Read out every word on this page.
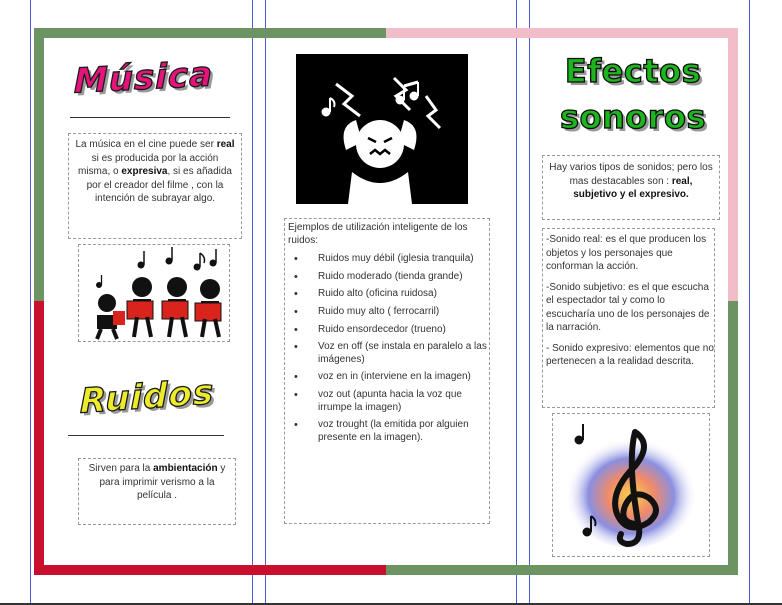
Música

La música en el cine puede ser real si es producida por la acción misma, o expresiva, si es añadida por el creador del filme , con la intención de subrayar algo.

Ruidos

Sirven para la ambientación y para imprimir verismo a la película .

Ejemplos de utilización inteligente de los ruidos:

• Ruidos muy débil (iglesia tranquila)
• Ruido moderado (tienda grande)
• Ruido alto (oficina ruidosa)
• Ruido muy alto ( ferrocarril)
• Ruido ensordecedor (trueno)
• Voz en off (se instala en paralelo a las imágenes)
• voz en in (interviene en la imagen)
• voz out (apunta hacia la voz que irrumpe la imagen)
• voz trought (la emitida por alguien presente en la imagen).
Efectos
sonoros

Hay varios tipos de sonidos; pero los mas destacables son : real, subjetivo y el expresivo.

-Sonido real: es el que producen los objetos y los personajes que conforman la acción.

-Sonido subjetivo: es el que escucha el espectador tal y como lo escucharía uno de los personajes de la narración.

- Sonido expresivo: elementos que no pertenecen a la realidad descrita.
